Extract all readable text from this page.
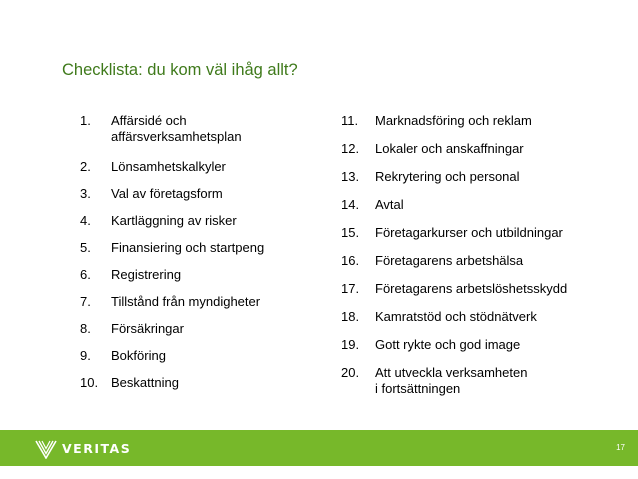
Checklista: du kom väl ihåg allt?
1.	Affärsidé och
affärsverksamhetsplan
2.	Lönsamhetskalkyler
3.	Val av företagsform
4.	Kartläggning av risker
5.	Finansiering och startpeng
6.	Registrering
7.	Tillstånd från myndigheter
8.	Försäkringar
9.	Bokföring
10. Beskattning
11.	Marknadsföring och reklam
12.	Lokaler och anskaffningar
13.	Rekrytering och personal
14.	Avtal
15.	Företagarkurser och utbildningar
16.	Företagarens arbetshälsa
17.	Företagarens arbetslöshetsskydd
18.	Kamratstöd och stödnätverk
19.	Gott rykte och god image
20.	Att utveckla verksamheten
i fortsättningen
VERITAS	17
